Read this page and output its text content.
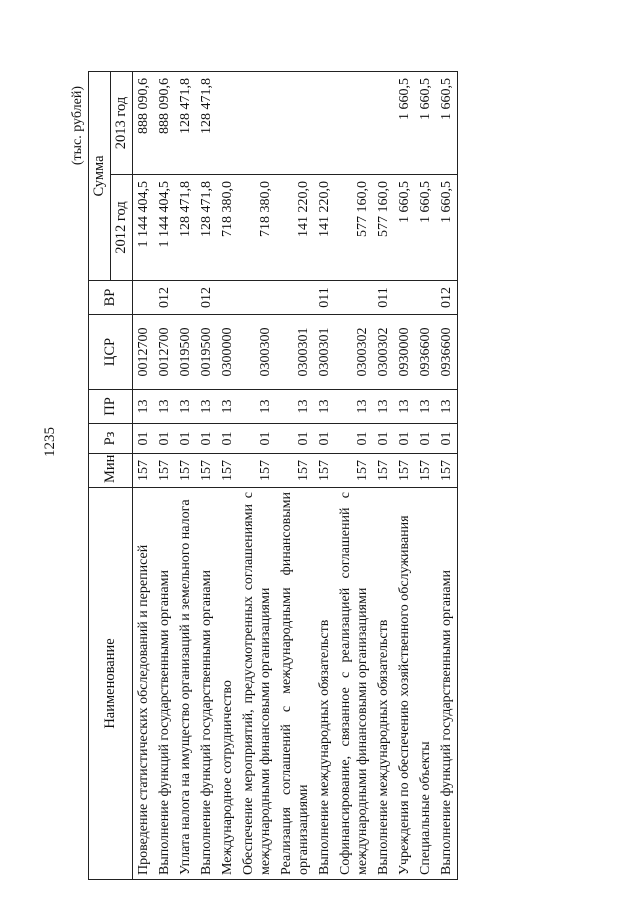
1235
(тыс. рублей)
Наименование	Мин	Рз	ПР	ЦСР	ВР	Сумма	
						2012 год	2013 год
Проведение статистических обследований и переписей	157	01	13	0012700		1 144 404,5	888 090,6
Выполнение функций государственными органами	157	01	13	0012700	012	1 144 404,5	888 090,6
Уплата налога на имущество организаций и земельного налога	157	01	13	0019500		128 471,8	128 471,8
Выполнение функций государственными органами	157	01	13	0019500	012	128 471,8	128 471,8
Международное сотрудничество	157	01	13	0300000		718 380,0	
Обеспечение мероприятий, предусмотренных соглашениями с международными финансовыми организациями	157	01	13	0300300		718 380,0	
Реализация соглашений с международными финансовыми организациями	157	01	13	0300301		141 220,0	
Выполнение международных обязательств	157	01	13	0300301	011	141 220,0	
Софинансирование, связанное с реализацией соглашений с международными финансовыми организациями	157	01	13	0300302		577 160,0	
Выполнение международных обязательств	157	01	13	0300302	011	577 160,0	
Учреждения по обеспечению хозяйственного обслуживания	157	01	13	0930000		1 660,5	1 660,5
Специальные объекты	157	01	13	0936600		1 660,5	1 660,5
Выполнение функций государственными органами	157	01	13	0936600	012	1 660,5	1 660,5
